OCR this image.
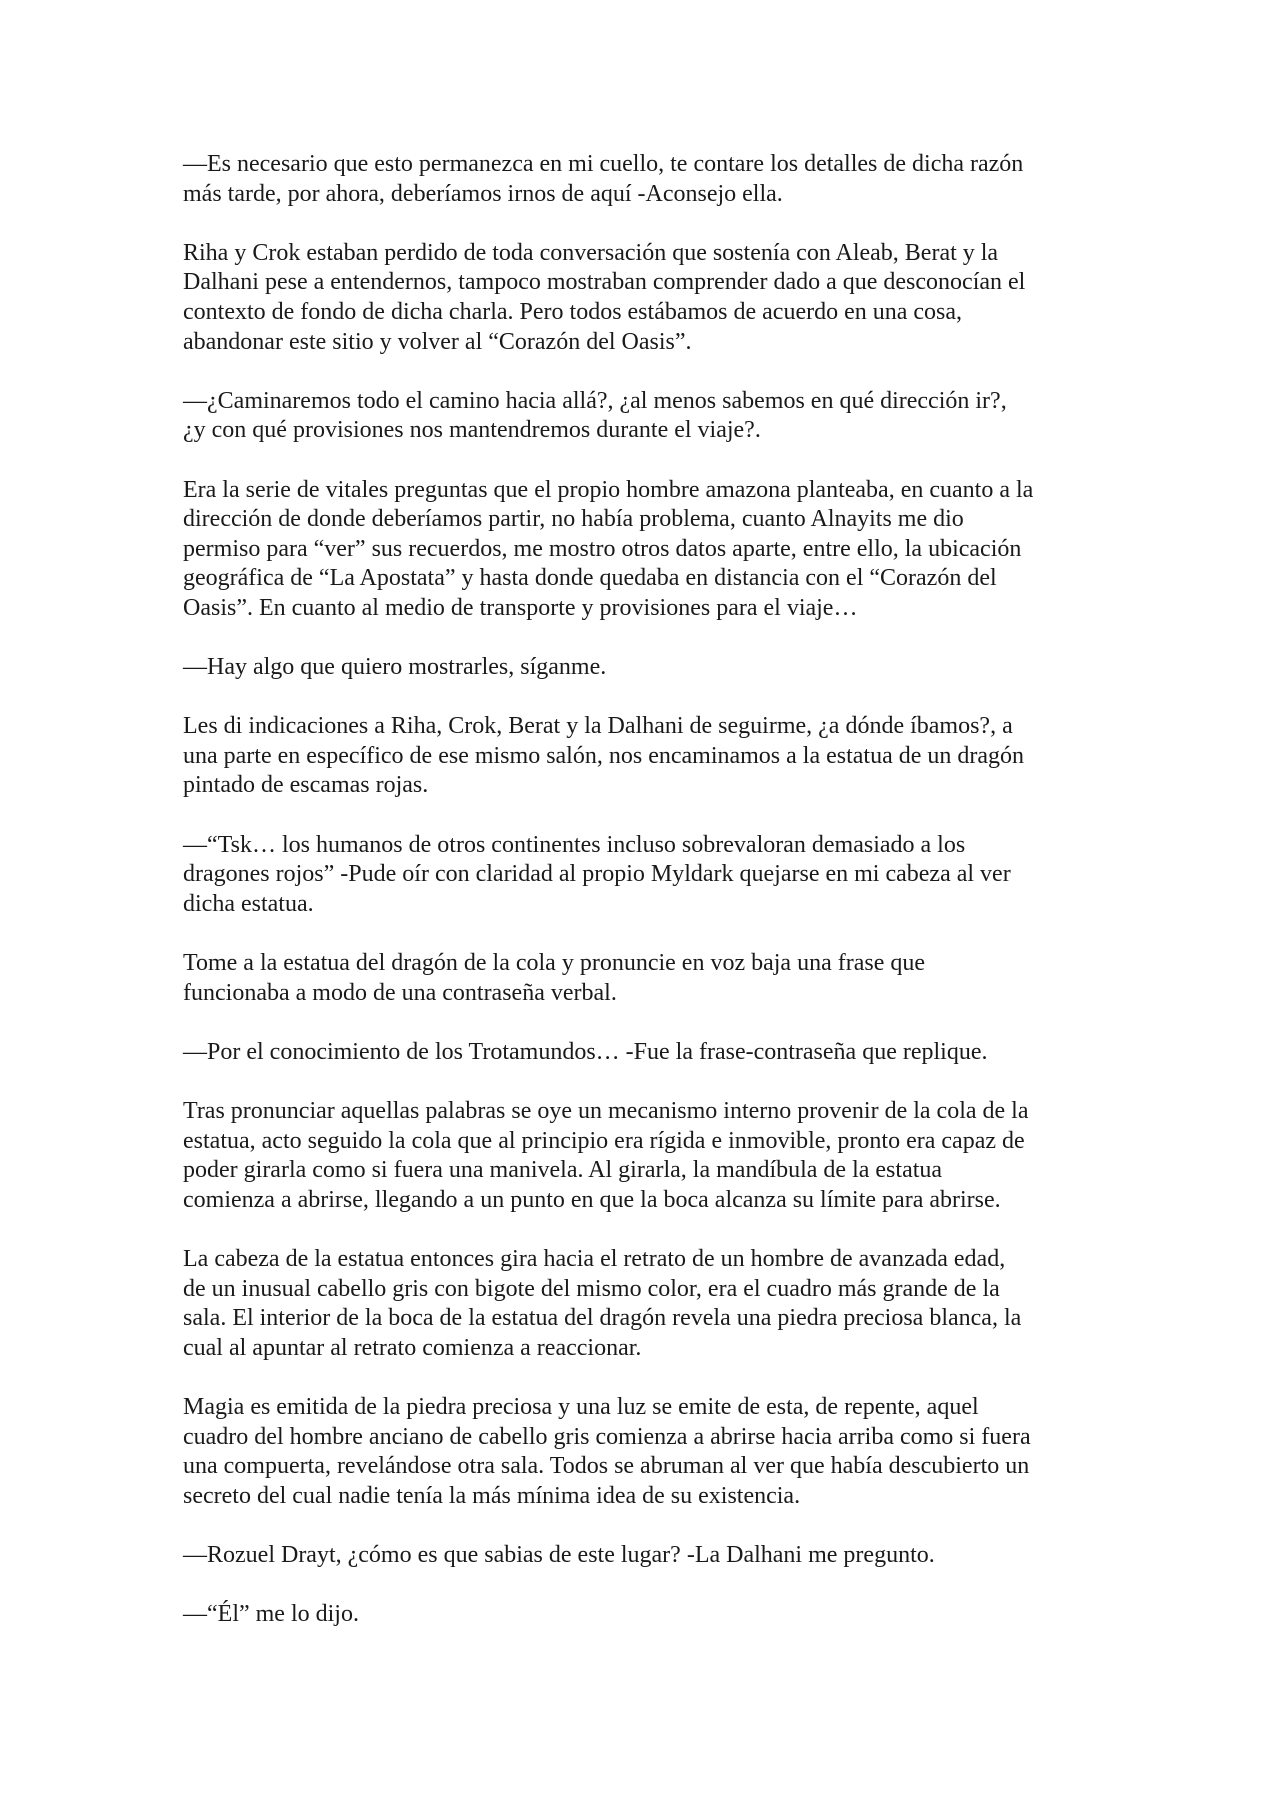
—Es necesario que esto permanezca en mi cuello, te contare los detalles de dicha razón
más tarde, por ahora, deberíamos irnos de aquí -Aconsejo ella.

Riha y Crok estaban perdido de toda conversación que sostenía con Aleab, Berat y la
Dalhani pese a entendernos, tampoco mostraban comprender dado a que desconocían el
contexto de fondo de dicha charla. Pero todos estábamos de acuerdo en una cosa,
abandonar este sitio y volver al “Corazón del Oasis”.

—¿Caminaremos todo el camino hacia allá?, ¿al menos sabemos en qué dirección ir?,
¿y con qué provisiones nos mantendremos durante el viaje?.

Era la serie de vitales preguntas que el propio hombre amazona planteaba, en cuanto a la
dirección de donde deberíamos partir, no había problema, cuanto Alnayits me dio
permiso para “ver” sus recuerdos, me mostro otros datos aparte, entre ello, la ubicación
geográfica de “La Apostata” y hasta donde quedaba en distancia con el “Corazón del
Oasis”. En cuanto al medio de transporte y provisiones para el viaje…

—Hay algo que quiero mostrarles, síganme.

Les di indicaciones a Riha, Crok, Berat y la Dalhani de seguirme, ¿a dónde íbamos?, a
una parte en específico de ese mismo salón, nos encaminamos a la estatua de un dragón
pintado de escamas rojas.

—“Tsk… los humanos de otros continentes incluso sobrevaloran demasiado a los
dragones rojos” -Pude oír con claridad al propio Myldark quejarse en mi cabeza al ver
dicha estatua.

Tome a la estatua del dragón de la cola y pronuncie en voz baja una frase que
funcionaba a modo de una contraseña verbal.

—Por el conocimiento de los Trotamundos… -Fue la frase-contraseña que replique.

Tras pronunciar aquellas palabras se oye un mecanismo interno provenir de la cola de la
estatua, acto seguido la cola que al principio era rígida e inmovible, pronto era capaz de
poder girarla como si fuera una manivela. Al girarla, la mandíbula de la estatua
comienza a abrirse, llegando a un punto en que la boca alcanza su límite para abrirse.

La cabeza de la estatua entonces gira hacia el retrato de un hombre de avanzada edad,
de un inusual cabello gris con bigote del mismo color, era el cuadro más grande de la
sala. El interior de la boca de la estatua del dragón revela una piedra preciosa blanca, la
cual al apuntar al retrato comienza a reaccionar.

Magia es emitida de la piedra preciosa y una luz se emite de esta, de repente, aquel
cuadro del hombre anciano de cabello gris comienza a abrirse hacia arriba como si fuera
una compuerta, revelándose otra sala. Todos se abruman al ver que había descubierto un
secreto del cual nadie tenía la más mínima idea de su existencia.

—Rozuel Drayt, ¿cómo es que sabias de este lugar? -La Dalhani me pregunto.

—“Él” me lo dijo.
